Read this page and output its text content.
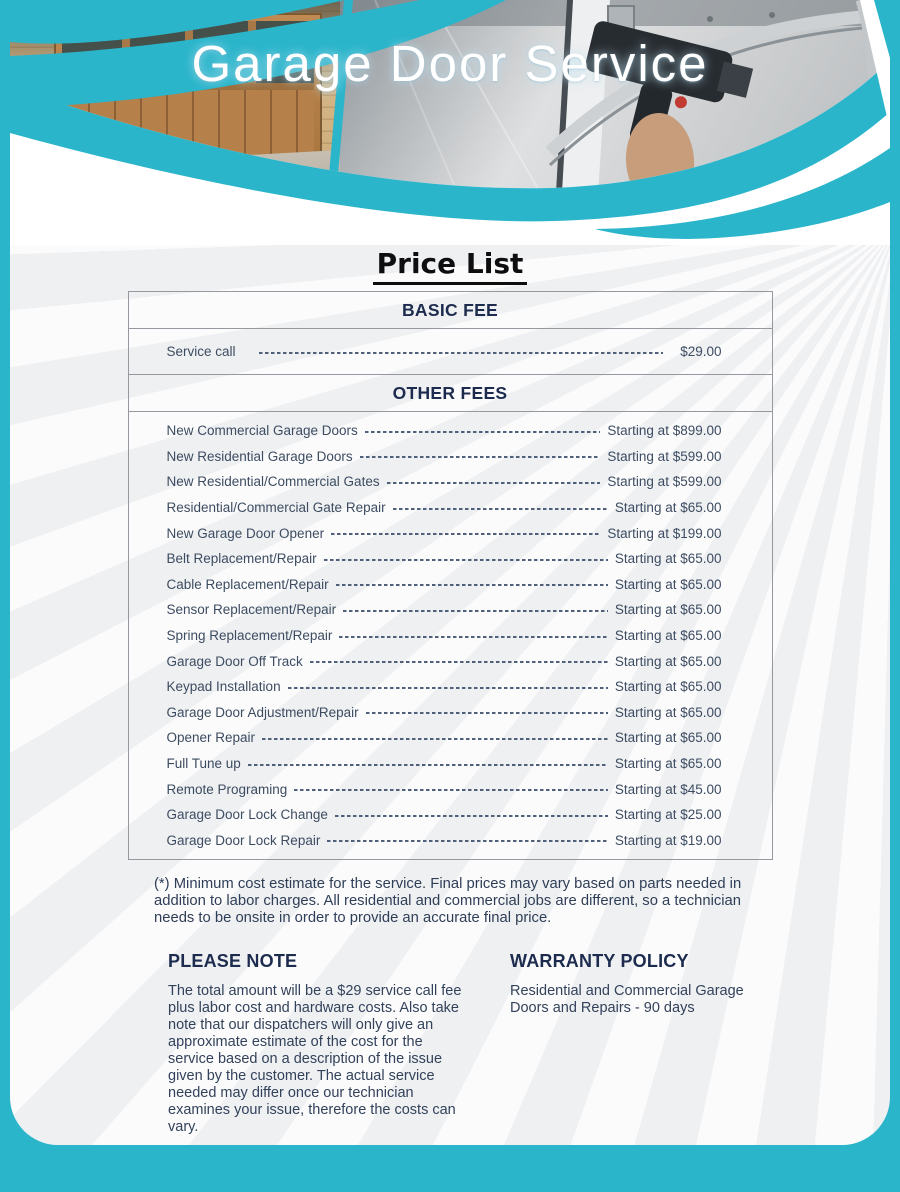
Garage Door Service
Price List
BASIC FEE
Service call	$29.00
OTHER FEES
New Commercial Garage Doors	Starting at $899.00
New Residential Garage Doors	Starting at $599.00
New Residential/Commercial Gates	Starting at $599.00
Residential/Commercial Gate Repair	Starting at $65.00
New Garage Door Opener	Starting at $199.00
Belt Replacement/Repair	Starting at $65.00
Cable Replacement/Repair	Starting at $65.00
Sensor Replacement/Repair	Starting at $65.00
Spring Replacement/Repair	Starting at $65.00
Garage Door Off Track	Starting at $65.00
Keypad Installation	Starting at $65.00
Garage Door Adjustment/Repair	Starting at $65.00
Opener Repair	Starting at $65.00
Full Tune up	Starting at $65.00
Remote Programing	Starting at $45.00
Garage Door Lock Change	Starting at $25.00
Garage Door Lock Repair	Starting at $19.00
(*) Minimum cost estimate for the service. Final prices may vary based on parts needed in addition to labor charges. All residential and commercial jobs are different, so a technician needs to be onsite in order to provide an accurate final price.
PLEASE NOTE
The total amount will be a $29 service call fee plus labor cost and hardware costs. Also take note that our dispatchers will only give an approximate estimate of the cost for the service based on a description of the issue given by the customer. The actual service needed may differ once our technician examines your issue, therefore the costs can vary.
WARRANTY POLICY
Residential and Commercial Garage Doors and Repairs - 90 days
